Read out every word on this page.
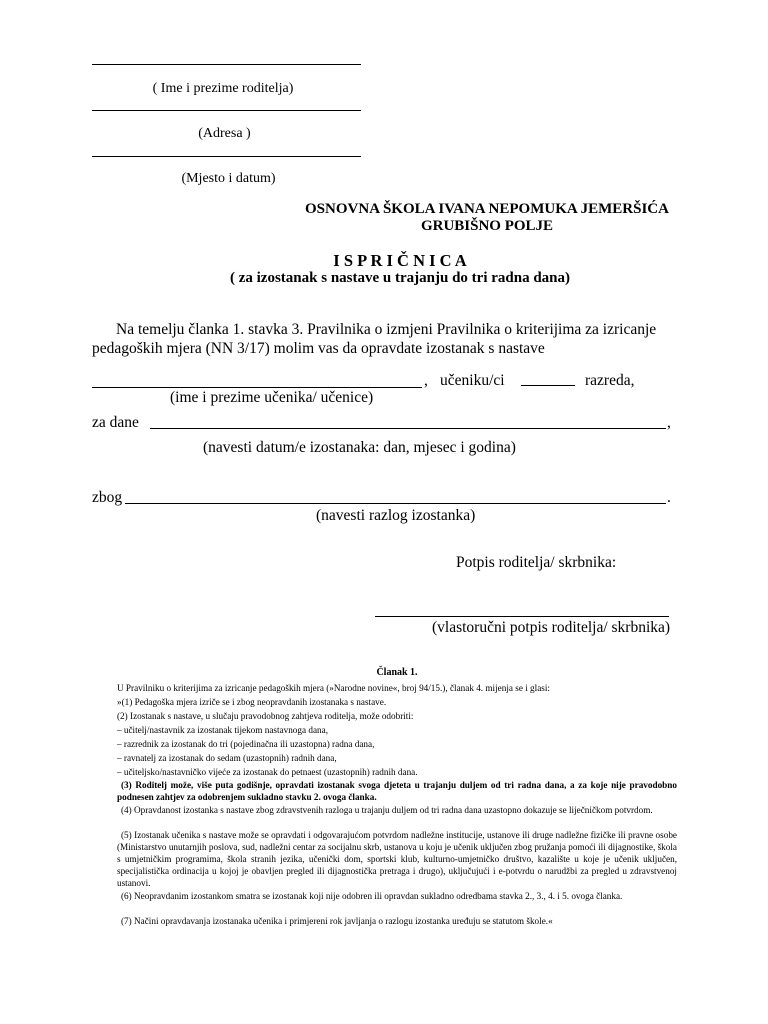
( Ime i prezime roditelja)
(Adresa )
(Mjesto i datum)
OSNOVNA ŠKOLA IVANA NEPOMUKA JEMERŠIĆA
GRUBIŠNO POLJE
I S P R I Č N I C A
( za izostanak s nastave u trajanju do tri radna dana)
Na temelju članka 1. stavka 3. Pravilnika o izmjeni Pravilnika o kriterijima za izricanje
pedagoških mjera (NN 3/17) molim vas da opravdate izostanak s nastave
, učeniku/ci	razreda,
(ime i prezime učenika/ učenice)
za dane	,
(navesti datum/e izostanaka: dan, mjesec i godina)
zbog	.
(navesti razlog izostanka)
Potpis roditelja/ skrbnika:
(vlastoručni potpis roditelja/ skrbnika)
Članak 1.
U Pravilniku o kriterijima za izricanje pedagoških mjera (»Narodne novine«, broj 94/15.), članak 4. mijenja se i glasi:
»(1) Pedagoška mjera izriče se i zbog neopravdanih izostanaka s nastave.
(2) Izostanak s nastave, u slučaju pravodobnog zahtjeva roditelja, može odobriti:
– učitelj/nastavnik za izostanak tijekom nastavnoga dana,
– razrednik za izostanak do tri (pojedinačna ili uzastopna) radna dana,
– ravnatelj za izostanak do sedam (uzastopnih) radnih dana,
– učiteljsko/nastavničko vijeće za izostanak do petnaest (uzastopnih) radnih dana.
(3) Roditelj može, više puta godišnje, opravdati izostanak svoga djeteta u trajanju duljem od tri radna dana, a za koje nije pravodobno podnesen zahtjev za odobrenjem sukladno stavku 2. ovoga članka.
(4) Opravdanost izostanka s nastave zbog zdravstvenih razloga u trajanju duljem od tri radna dana uzastopno dokazuje se liječničkom potvrdom.
(5) Izostanak učenika s nastave može se opravdati i odgovarajućom potvrdom nadležne institucije, ustanove ili druge nadležne fizičke ili pravne osobe (Ministarstvo unutarnjih poslova, sud, nadležni centar za socijalnu skrb, ustanova u koju je učenik uključen zbog pružanja pomoći ili dijagnostike, škola s umjetničkim programima, škola stranih jezika, učenički dom, sportski klub, kulturno-umjetničko društvo, kazalište u koje je učenik uključen, specijalistička ordinacija u kojoj je obavljen pregled ili dijagnostička pretraga i drugo), uključujući i e-potvrdu o narudžbi za pregled u zdravstvenoj ustanovi.
(6) Neopravdanim izostankom smatra se izostanak koji nije odobren ili opravdan sukladno odredbama stavka 2., 3., 4. i 5. ovoga članka.
(7) Načini opravdavanja izostanaka učenika i primjereni rok javljanja o razlogu izostanka uređuju se statutom škole.«
